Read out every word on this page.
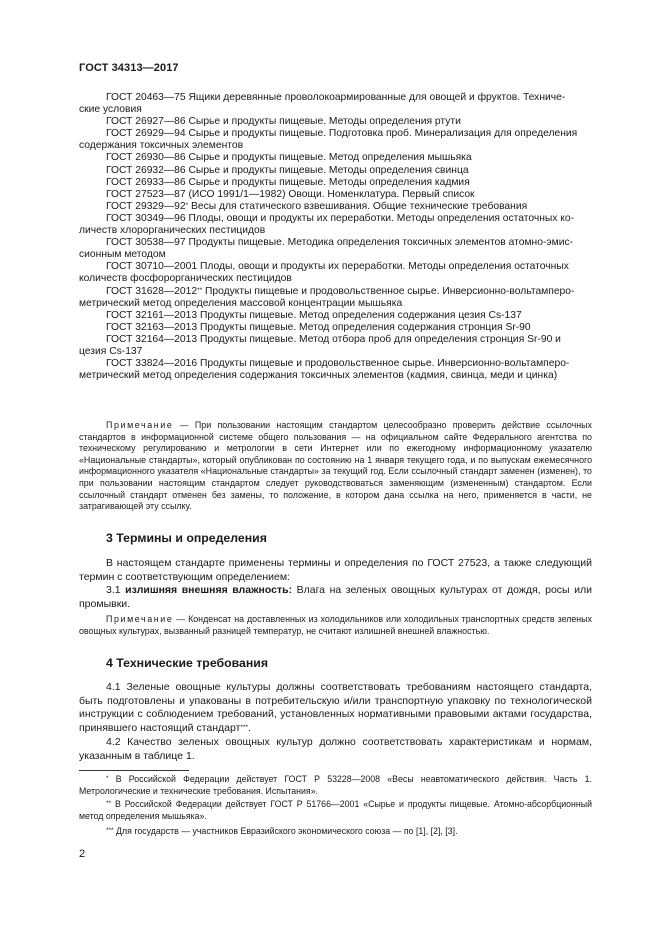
ГОСТ 34313—2017
ГОСТ 20463—75 Ящики деревянные проволокоармированные для овощей и фруктов. Техниче-
ские условия
ГОСТ 26927—86 Сырье и продукты пищевые. Методы определения ртути
ГОСТ 26929—94 Сырье и продукты пищевые. Подготовка проб. Минерализация для определения
содержания токсичных элементов
ГОСТ 26930—86 Сырье и продукты пищевые. Метод определения мышьяка
ГОСТ 26932—86 Сырье и продукты пищевые. Методы определения свинца
ГОСТ 26933—86 Сырье и продукты пищевые. Методы определения кадмия
ГОСТ 27523—87 (ИСО 1991/1—1982) Овощи. Номенклатура. Первый список
ГОСТ 29329—92* Весы для статического взвешивания. Общие технические требования
ГОСТ 30349—96 Плоды, овощи и продукты их переработки. Методы определения остаточных ко-
личеств хлорорганических пестицидов
ГОСТ 30538—97 Продукты пищевые. Методика определения токсичных элементов атомно-эмис-
сионным методом
ГОСТ 30710—2001 Плоды, овощи и продукты их переработки. Методы определения остаточных
количеств фосфорорганических пестицидов
ГОСТ 31628—2012** Продукты пищевые и продовольственное сырье. Инверсионно-вольтамперо-
метрический метод определения массовой концентрации мышьяка
ГОСТ 32161—2013 Продукты пищевые. Метод определения содержания цезия Cs-137
ГОСТ 32163—2013 Продукты пищевые. Метод определения содержания стронция Sr-90
ГОСТ 32164—2013 Продукты пищевые. Метод отбора проб для определения стронция Sr-90 и
цезия Cs-137
ГОСТ 33824—2016 Продукты пищевые и продовольственное сырье. Инверсионно-вольтамперо-
метрический метод определения содержания токсичных элементов (кадмия, свинца, меди и цинка)
Примечание — При пользовании настоящим стандартом целесообразно проверить действие ссылочных стандартов в информационной системе общего пользования — на официальном сайте Федерального агентства по техническому регулированию и метрологии в сети Интернет или по ежегодному информационному указателю «Национальные стандарты», который опубликован по состоянию на 1 января текущего года, и по выпускам ежемесячного информационного указателя «Национальные стандарты» за текущий год. Если ссылочный стандарт заменен (изменен), то при пользовании настоящим стандартом следует руководствоваться заменяющим (измененным) стандартом. Если ссылочный стандарт отменен без замены, то положение, в котором дана ссылка на него, применяется в части, не затрагивающей эту ссылку.
3 Термины и определения
В настоящем стандарте применены термины и определения по ГОСТ 27523, а также следующий термин с соответствующим определением:
3.1 излишняя внешняя влажность: Влага на зеленых овощных культурах от дождя, росы или промывки.
Примечание — Конденсат на доставленных из холодильников или холодильных транспортных средств зеленых овощных культурах, вызванный разницей температур, не считают излишней внешней влажностью.
4 Технические требования
4.1 Зеленые овощные культуры должны соответствовать требованиям настоящего стандарта, быть подготовлены и упакованы в потребительскую и/или транспортную упаковку по технологической инструкции с соблюдением требований, установленных нормативными правовыми актами государства, принявшего настоящий стандарт***.
4.2 Качество зеленых овощных культур должно соответствовать характеристикам и нормам, указанным в таблице 1.
* В Российской Федерации действует ГОСТ Р 53228—2008 «Весы неавтоматического действия. Часть 1. Метрологические и технические требования. Испытания».
** В Российской Федерации действует ГОСТ Р 51766—2001 «Сырье и продукты пищевые. Атомно-абсорбционный метод определения мышьяка».
*** Для государств — участников Евразийского экономического союза — по [1], [2], [3].
2
